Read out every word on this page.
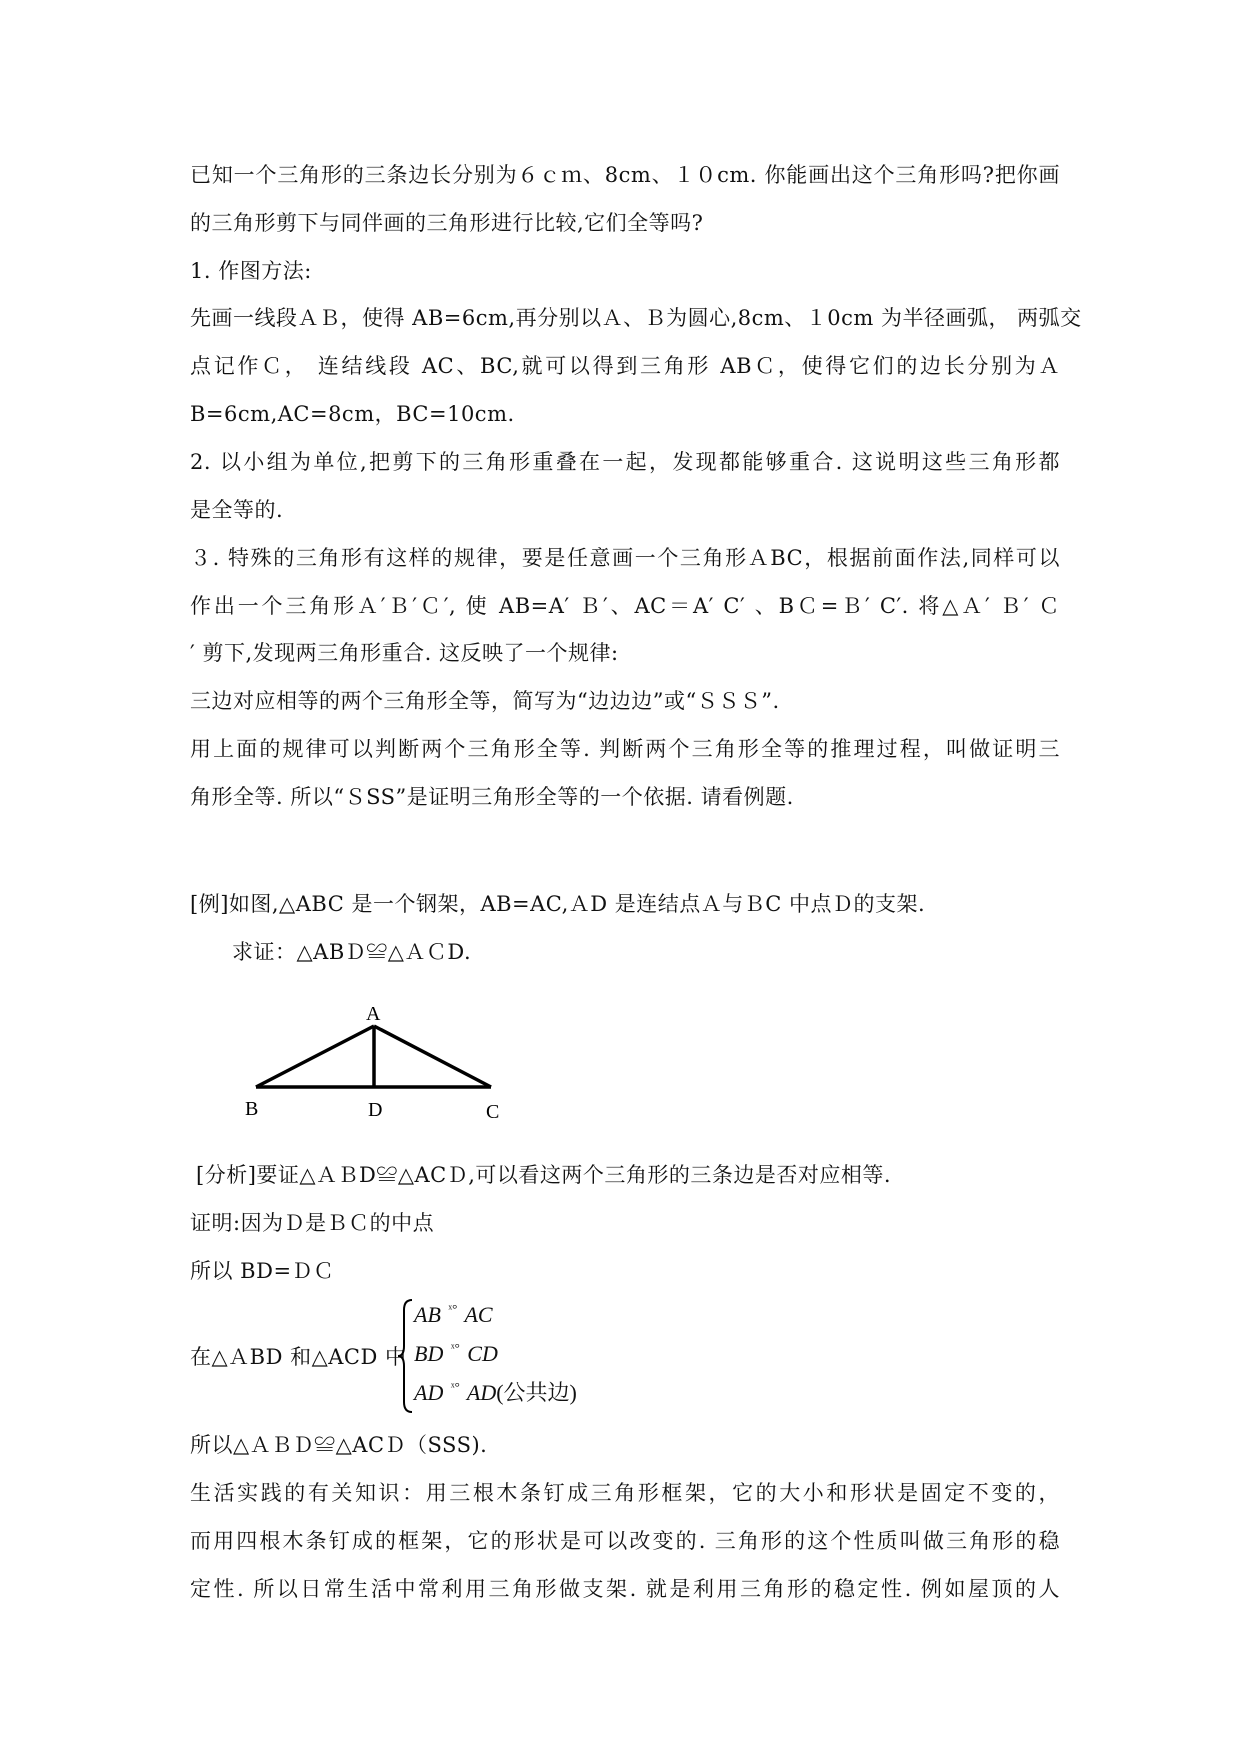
已知一个三角形的三条边长分别为６ｃｍ、8cm、１０cm. 你能画出这个三角形吗?把你画
的三角形剪下与同伴画的三角形进行比较,它们全等吗?
1. 作图方法:
先画一线段ＡＢ，使得 AB=6cm,再分别以Ａ、Ｂ为圆心,8cm、１0cm 为半径画弧， 两弧交
点记作Ｃ， 连结线段 AC、BC,就可以得到三角形 ABＣ，使得它们的边长分别为Ａ
B=6cm,AC=8cm，BC=10cm.
2. 以小组为单位,把剪下的三角形重叠在一起，发现都能够重合. 这说明这些三角形都
是全等的.
３. 特殊的三角形有这样的规律，要是任意画一个三角形ＡBC，根据前面作法,同样可以
作出一个三角形Ａ′Ｂ′Ｃ′, 使 AB=A′ Ｂ′、AC＝A′ C′ 、BＣ=Ｂ′ C′. 将△Ａ′ Ｂ′ Ｃ
′ 剪下,发现两三角形重合. 这反映了一个规律:
三边对应相等的两个三角形全等，简写为“边边边”或“ＳＳＳ”.
用上面的规律可以判断两个三角形全等. 判断两个三角形全等的推理过程，叫做证明三
角形全等. 所以“ＳSS”是证明三角形全等的一个依据. 请看例题.
[例]如图,△ABC 是一个钢架，AB=AC,ＡD 是连结点Ａ与ＢC 中点Ｄ的支架.
求证：△ABＤ≌△ＡＣD.
A
B	D	C
[分析]要证△ＡＢD≌△ACＤ,可以看这两个三角形的三条边是否对应相等.
证明:因为Ｄ是ＢＣ的中点
所以 BD=ＤＣ
在△ＡBD 和△ACD 中
AB $^{ˣ^\circ}$ AC
BD $^{ˣ^\circ}$ CD
AD $^{ˣ^\circ}$ AD(公共边)
所以△ＡＢＤ≌△ACＤ（SSS).
生活实践的有关知识：用三根木条钉成三角形框架，它的大小和形状是固定不变的，
而用四根木条钉成的框架，它的形状是可以改变的. 三角形的这个性质叫做三角形的稳
定性. 所以日常生活中常利用三角形做支架. 就是利用三角形的稳定性. 例如屋顶的人
